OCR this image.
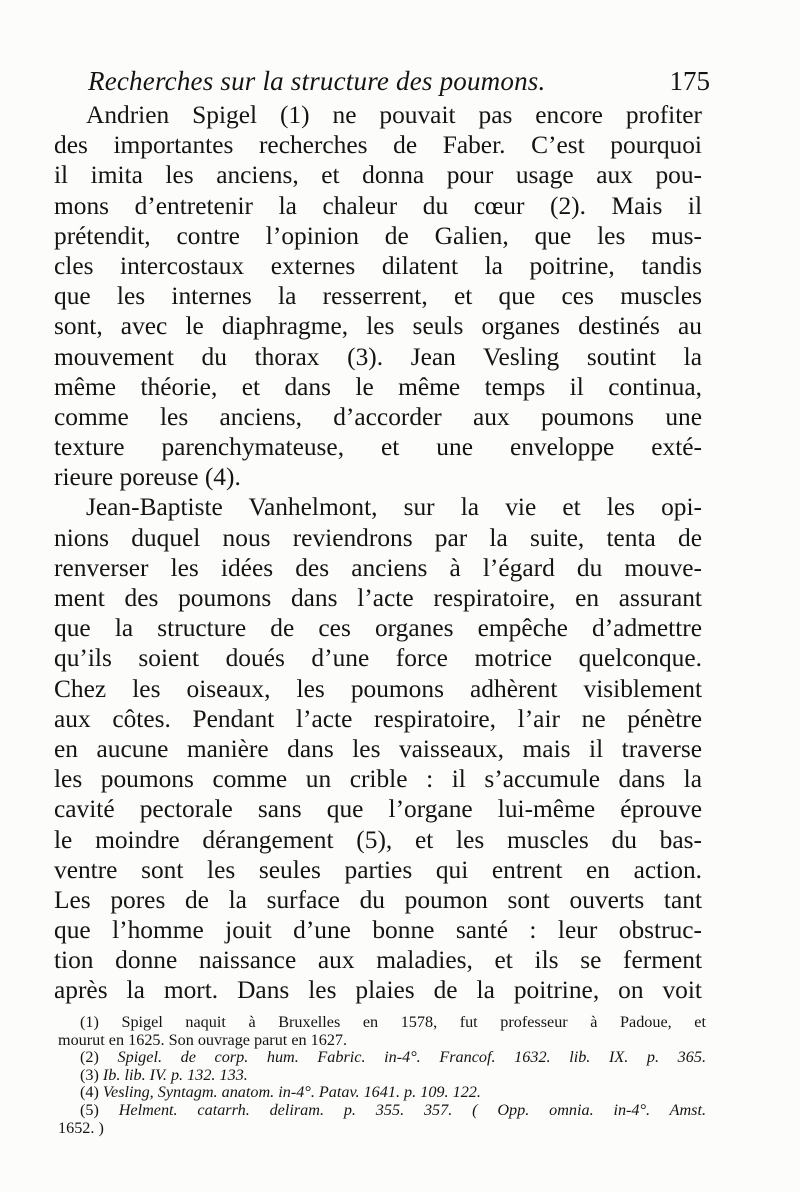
Recherches sur la structure des poumons.	175
Andrien Spigel (1) ne pouvait pas encore profiter
des importantes recherches de Faber. C’est pourquoi
il imita les anciens, et donna pour usage aux pou-
mons d’entretenir la chaleur du cœur (2). Mais il
prétendit, contre l’opinion de Galien, que les mus-
cles intercostaux externes dilatent la poitrine, tandis
que les internes la resserrent, et que ces muscles
sont, avec le diaphragme, les seuls organes destinés au
mouvement du thorax (3). Jean Vesling soutint la
même théorie, et dans le même temps il continua,
comme les anciens, d’accorder aux poumons une
texture parenchymateuse, et une enveloppe exté-
rieure poreuse (4).
Jean-Baptiste Vanhelmont, sur la vie et les opi-
nions duquel nous reviendrons par la suite, tenta de
renverser les idées des anciens à l’égard du mouve-
ment des poumons dans l’acte respiratoire, en assurant
que la structure de ces organes empêche d’admettre
qu’ils soient doués d’une force motrice quelconque.
Chez les oiseaux, les poumons adhèrent visiblement
aux côtes. Pendant l’acte respiratoire, l’air ne pénètre
en aucune manière dans les vaisseaux, mais il traverse
les poumons comme un crible : il s’accumule dans la
cavité pectorale sans que l’organe lui-même éprouve
le moindre dérangement (5), et les muscles du bas-
ventre sont les seules parties qui entrent en action.
Les pores de la surface du poumon sont ouverts tant
que l’homme jouit d’une bonne santé : leur obstruc-
tion donne naissance aux maladies, et ils se ferment
après la mort. Dans les plaies de la poitrine, on voit
(1) Spigel naquit à Bruxelles en 1578, fut professeur à Padoue, et
mourut en 1625. Son ouvrage parut en 1627.
(2) Spigel. de corp. hum. Fabric. in-4°. Francof. 1632. lib. IX. p. 365.
(3) Ib. lib. IV. p. 132. 133.
(4) Vesling, Syntagm. anatom. in-4°. Patav. 1641. p. 109. 122.
(5) Helment. catarrh. deliram. p. 355. 357. ( Opp. omnia. in-4°. Amst.
1652. )
